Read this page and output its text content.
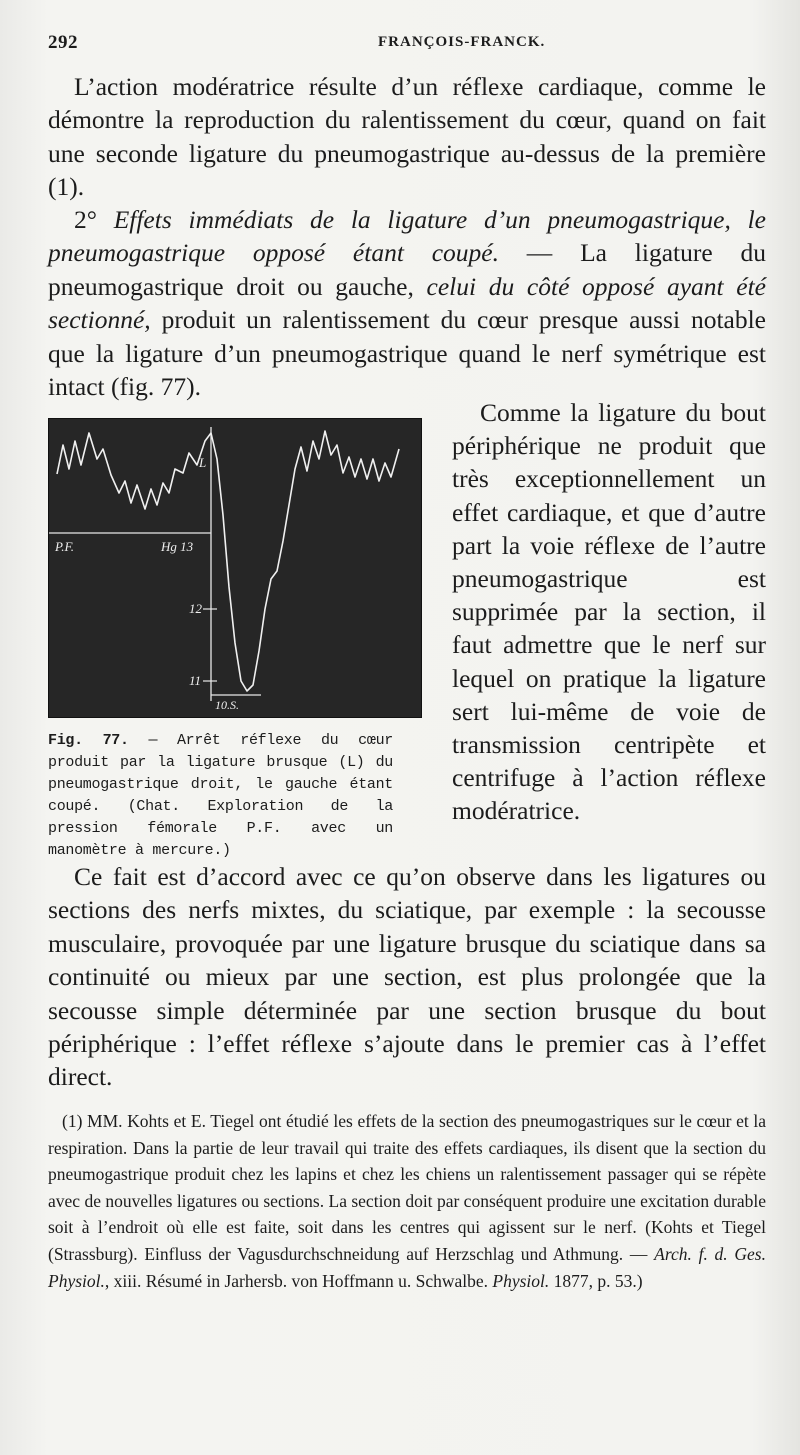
292	FRANÇOIS-FRANCK.
L’action modératrice résulte d’un réflexe cardiaque, comme le démontre la reproduction du ralentissement du cœur, quand on fait une seconde ligature du pneumogastrique au-dessus de la première (1).
2° Effets immédiats de la ligature d’un pneumogastrique, le pneumogastrique opposé étant coupé. — La ligature du pneumogastrique droit ou gauche, celui du côté opposé ayant été sectionné, produit un ralentissement du cœur presque aussi notable que la ligature d’un pneumogastrique quand le nerf symétrique est intact (fig. 77).
P.F.	Hg 13
12
11
L
10.S.
Fig. 77. — Arrêt réflexe du cœur produit par la ligature brusque (L) du pneumogastrique droit, le gauche étant coupé. (Chat. Exploration de la pression fémorale P.F. avec un manomètre à mercure.)
Comme la ligature du bout périphérique ne produit que très exceptionnellement un effet cardiaque, et que d’autre part la voie réflexe de l’autre pneumogastrique est supprimée par la section, il faut admettre que le nerf sur lequel on pratique la ligature sert lui-même de voie de transmission centripète et centrifuge à l’action réflexe modératrice.
Ce fait est d’accord avec ce qu’on observe dans les ligatures ou sections des nerfs mixtes, du sciatique, par exemple : la secousse musculaire, provoquée par une ligature brusque du sciatique dans sa continuité ou mieux par une section, est plus prolongée que la secousse simple déterminée par une section brusque du bout périphérique : l’effet réflexe s’ajoute dans le premier cas à l’effet direct.
(1) MM. Kohts et E. Tiegel ont étudié les effets de la section des pneumogastriques sur le cœur et la respiration. Dans la partie de leur travail qui traite des effets cardiaques, ils disent que la section du pneumogastrique produit chez les lapins et chez les chiens un ralentissement passager qui se répète avec de nouvelles ligatures ou sections. La section doit par conséquent produire une excitation durable soit à l’endroit où elle est faite, soit dans les centres qui agissent sur le nerf. (Kohts et Tiegel (Strassburg). Einfluss der Vagusdurchschneidung auf Herzschlag und Athmung. — Arch. f. d. Ges. Physiol., xiii. Résumé in Jarhersb. von Hoffmann u. Schwalbe. Physiol. 1877, p. 53.)
